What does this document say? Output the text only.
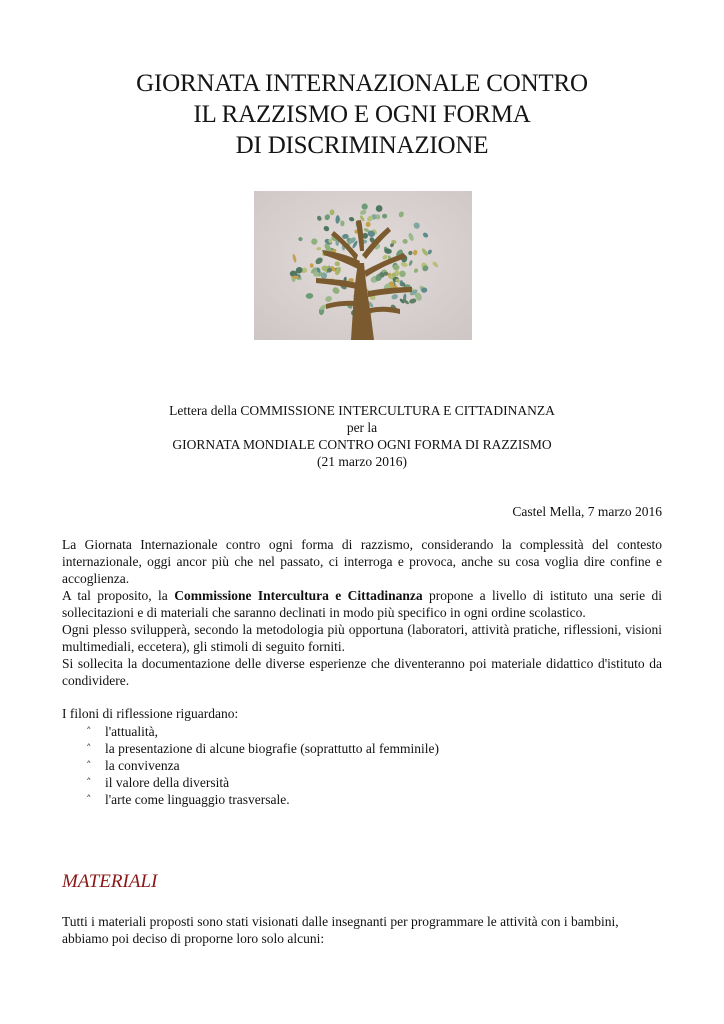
GIORNATA INTERNAZIONALE CONTRO
IL RAZZISMO E OGNI FORMA
DI DISCRIMINAZIONE
Lettera della COMMISSIONE INTERCULTURA E CITTADINANZA
per la
GIORNATA MONDIALE CONTRO OGNI FORMA DI RAZZISMO
(21 marzo 2016)
Castel Mella, 7 marzo 2016

La Giornata Internazionale contro ogni forma di razzismo, considerando la complessità del contesto internazionale, oggi ancor più che nel passato, ci interroga e provoca, anche su cosa voglia dire confine e accoglienza.

A tal proposito, la Commissione Intercultura e Cittadinanza propone a livello di istituto una serie di sollecitazioni e di materiali che saranno declinati in modo più specifico in ogni ordine scolastico.

Ogni plesso svilupperà, secondo la metodologia più opportuna (laboratori, attività pratiche, riflessioni, visioni multimediali, eccetera), gli stimoli di seguito forniti.

Si sollecita la documentazione delle diverse esperienze che diventeranno poi materiale didattico d'istituto da condividere.

I filoni di riflessione riguardano:
˄ l'attualità,
˄ la presentazione di alcune biografie (soprattutto al femminile)
˄ la convivenza
˄ il valore della diversità
˄ l'arte come linguaggio trasversale.
MATERIALI

Tutti i materiali proposti sono stati visionati dalle insegnanti per programmare le attività con i bambini,

abbiamo poi deciso di proporne loro solo alcuni:
